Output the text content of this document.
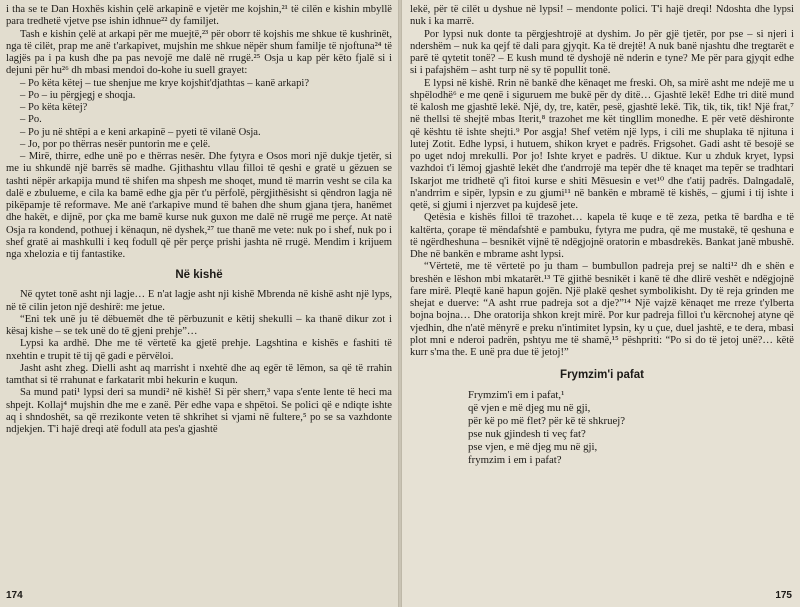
i tha se te Dan Hoxhës kishin çelë arkapinë e vjetër me kojshin,²¹ të cilën e kishin mbyllë para tredhetë vjetve pse ishin idhnue²² dy familjet.

Tash e kishin çelë at arkapi për me muejtë,²³ për oborr të kojshis me shkue të kushrinët, nga të cilët, prap me anë t'arkapivet, mujshin me shkue nëpër shum familje të njoftuna²⁴ të lagjës pa i pa kush dhe pa pas nevojë me dalë në rrugë.²⁵ Osja u kap për këto fjalë si i dejuni për hu²⁶ dh mbasi mendoi do-kohe iu suell grayet:

– Po këta këtej – tue shenjue me krye kojshit'djathtas – kanë arkapi?

– Po – iu përgjegj e shoqja.

– Po këta këtej?

– Po.

– Po ju në shtëpi a e keni arkapinë – pyeti të vilanë Osja.

– Jo, por po thërras nesër puntorin me e çelë.

– Mirë, thirre, edhe unë po e thërras nesër. Dhe fytyra e Osos mori një dukje tjetër, si me iu shkundë një barrës së madhe. Gjithashtu vllau filloi të qeshi e gratë u gëzuen se tashti nëpër arkapija mund të shifen ma shpesh me shoqet, mund të marrin vesht se cila ka dalë e zbulueme, e cila ka bamë edhe gja për t'u përfolë, përgjithësisht si qëndron lagja në pikëpamje të reformave. Me anë t'arkapive mund të bahen dhe shum gjana tjera, hanëmet dhe hakët, e dijnë, por çka me bamë kurse nuk guxon me dalë në rrugë me perçe. At natë Osja ra kondend, pothuej i kënaqun, në dyshek,²⁷ tue thanë me vete: nuk po i shef, nuk po i shef gratë ai mashkulli i keq fodull që për perçe prishi jashta në rrugë. Mendim i krijuem nga xhelozia e tij fantastike.

Në kishë

Në qytet tonë asht nji lagje… E n'at lagje asht nji kishë Mbrenda në kishë asht një lyps, në të cilin jeton një deshirë: me jetue.

“Eni tek unë ju të dëbuemët dhe të përbuzunit e këtij shekulli – ka thanë dikur zot i kësaj kishe – se tek unë do të gjeni prehje”…

Lypsi ka ardhë. Dhe me të vërtetë ka gjetë prehje. Lagshtina e kishës e fashiti të nxehtin e trupit të tij që gadi e përvëloi.

Jasht asht zheg. Dielli asht aq marrisht i nxehtë dhe aq egër të lëmon, sa që të rrahin tamthat si të rrahunat e farkatarit mbi hekurin e kuqun.

Sa mund pati¹ lypsi deri sa mundi² në kishë! Si për sherr,³ vapa s'ente lente të heci ma shpejt. Kollaj⁴ mujshin dhe me e zanë. Për edhe vapa e shpëtoi. Se polici që e ndiqte ishte aq i shndoshët, sa që rrezikonte veten të shkrihet si vjami në fultere,⁵ po se sa vazhdonte ndjekjen. T'i hajë dreqi atë fodull ata pes'a gjashtë

174

lekë, për të cilët u dyshue në lypsi! – mendonte polici. T'i hajë dreqi! Ndoshta dhe lypsi nuk i ka marrë.

Por lypsi nuk donte ta përgjeshtrojë at dyshim. Jo për gjë tjetër, por pse – si njeri i ndershëm – nuk ka qejf të dali para gjyqit. Ka të drejtë! A nuk banë njashtu dhe tregtarët e parë të qytetit tonë? – E kush mund të dyshojë në nderin e tyne? Me për para gjyqit edhe si i pafajshëm – asht turp në sy të popullit tonë.

E lypsi në kishë. Rrin në bankë dhe kënaqet me freski. Oh, sa mirë asht me ndejë me u shpëlodhë⁶ e me qenë i siguruem me bukë për dy ditë… Gjashtë lekë! Edhe tri ditë mund të kalosh me gjashtë lekë. Një, dy, tre, katër, pesë, gjashtë lekë. Tik, tik, tik, tik! Një frat,⁷ në thellsi të shejtë mbas Iterit,⁸ trazohet me kët tingllim monedhe. E për vetë dëshironte që kështu të ishte shejti.⁹ Por asgja! Shef vetëm një lyps, i cili me shuplaka të njituna i lutej Zotit. Edhe lypsi, i hutuem, shikon kryet e padrës. Frigsohet. Gadi asht të besojë se po uget ndoj mrekulli. Por jo! Ishte kryet e padrës. U diktue. Kur u zhduk kryet, lypsi vazhdoi t'i lëmoj gjashtë lekët dhe t'andrrojë ma tepër dhe të knaqet ma tepër se tradhtari Iskarjot me tridhetë q'i fitoi kurse e shiti Mësuesin e vet¹⁰ dhe t'atij padrës. Dalngadalë, n'andrrim e sipër, lypsin e zu gjumi¹¹ në bankën e mbramë të kishës, – gjumi i tij ishte i qetë, si gjumi i njerzvet pa kujdesë jete.

Qetësia e kishës filloi të trazohet… kapela të kuqe e të zeza, petka të bardha e të kaltërta, çorape të mëndafshtë e pambuku, fytyra me pudra, që me mustakë, të qeshuna e të ngërdheshuna – besnikët vijnë të ndëgjojnë oratorin e mbasdrekës. Bankat janë mbushë. Dhe në bankën e mbrame asht lypsi.

“Vërtetë, me të vërtetë po ju tham – bumbullon padreja prej se nalti¹² dh e shën e breshën e lëshon mbi mkatarët.¹³ Të gjithë besnikët i kanë të dhe dlirë veshët e ndëgjojnë fare mirë. Pleqtë kanë hapun gojën. Një plakë qeshet symbolikisht. Dy të reja grinden me shejat e duerve: “A asht rrue padreja sot a dje?”¹⁴ Një vajzë kënaqet me rreze t'ylberta bojna bojna… Dhe oratorija shkon krejt mirë. Por kur padreja filloi t'u kërcnohej atyne që vjedhin, dhe n'atë mënyrë e preku n'intimitet lypsin, ky u çue, duel jashtë, e te dera, mbasi plot mni e nderoi padrën, pshtyu me të shamë,¹⁵ pëshpriti: “Po si do të jetoj unë?… këtë kurr s'ma the. E unë pra due të jetoj!”

Frymzim'i pafat
Frymzim'i em i pafat,¹
që vjen e më djeg mu në gji,
për kë po më flet? për kë të shkruej?
pse nuk gjindesh ti veç fat?
pse vjen, e më djeg mu në gji,
frymzim i em i pafat?
175
